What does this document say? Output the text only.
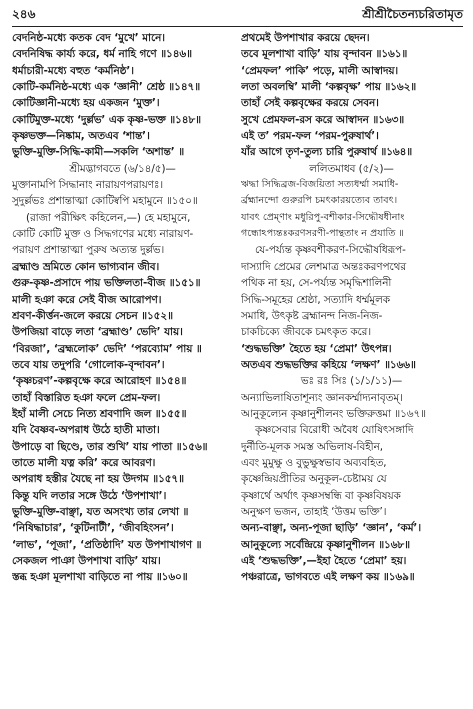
২৪৬	শ্রীশ্রীচৈতন্যচরিতামৃত
বেদনিষ্ঠ-মধ্যে কতক বেদ ‘মুখে’ মানে।
বেদনিষিদ্ধ কার্য্য করে, ধর্ম নাহি গণে ॥১৪৬॥
ধর্মাচারী-মধ্যে বহুত ‘কর্মনিষ্ঠ’।
কোটি-কর্মনিষ্ঠ-মধ্যে এক ‘জ্ঞানী’ শ্রেষ্ঠ ॥১৪৭॥
কোটিজ্ঞানী-মধ্যে হয় একজন ‘মুক্ত’।
কোটিমুক্ত-মধ্যে ‘দুর্ল্লভ’ এক কৃষ্ণ-ভক্ত ॥১৪৮॥
কৃষ্ণভক্ত—নিষ্কাম, অতএব ‘শান্ত’।
ভুক্তি-মুক্তি-সিদ্ধি-কামী—সকলি ‘অশান্ত’ ॥
শ্রীমদ্ভাগবতে (৬/১৪/৫)—
মুক্তানামপি সিদ্ধানাং নারায়ণপরায়ণঃ।
সুদুর্ল্লভঃ প্রশান্তাত্মা কোটিষ্বপি মহামুনে ॥১৫০॥
(রাজা পরীক্ষিৎ কহিলেন,—) হে মহামুনে,
কোটি কোটি মুক্ত ও সিদ্ধগণের মধ্যে নারায়ণ-
পরায়ণ প্রশান্তাত্মা পুরুষ অত্যন্ত দুর্ল্লভ।
ব্রহ্মাণ্ড ভ্রমিতে কোন ভাগ্যবান জীব।
গুরু-কৃষ্ণ-প্রসাদে পায় ভক্তিলতা-বীজ ॥১৫১॥
মালী হঞা করে সেই বীজ আরোপণ।
শ্রবণ-কীর্ত্তন-জলে করয়ে সেচন ॥১৫২॥
উপজিয়া বাড়ে লতা ‘ব্রহ্মাণ্ড’ ভেদি’ যায়।
‘বিরজা’, ‘ব্রহ্মলোক’ ভেদি’ ‘পরব্যোম’ পায় ॥
তবে যায় তদুপরি ‘গোলোক-বৃন্দাবন’।
‘কৃষ্ণচরণ’-কল্পবৃক্ষে করে আরোহণ ॥১৫৪॥
তাহাঁ বিস্তারিত হঞা ফলে প্রেম-ফল।
ইহাঁ মালী সেচে নিত্য শ্রবণাদি জল ॥১৫৫॥
যদি বৈষ্ণব-অপরাধ উঠে হাতী মাতা।
উপাড়ে বা ছিণ্ডে, তার শুখি’ যায় পাতা ॥১৫৬॥
তাতে মালী যত্ন করি’ করে আবরণ।
অপরাধ হস্তীর যৈছে না হয় উদগম ॥১৫৭॥
কিন্তু যদি লতার সঙ্গে উঠে ‘উপশাখা’।
ভুক্তি-মুক্তি-বাঞ্ছা, যত অসংখ্য তার লেখা ॥
‘নিষিদ্ধাচার’, ‘কুটিনাটী’, ‘জীবহিংসন’।
‘লাভ’, ‘পূজা’, ‘প্রতিষ্ঠাদি’ যত উপশাখাগণ ॥
সেকজল পাঞা উপশাখা বাড়ি’ যায়।
স্তব্ধ হঞা মূলশাখা বাড়িতে না পায় ॥১৬০॥
প্রথমেই উপশাখার করয়ে ছেদন।
তবে মূলশাখা বাড়ি’ যায় বৃন্দাবন ॥১৬১॥
‘প্রেমফল’ পাকি’ পড়ে, মালী আস্বাদয়।
লতা অবলম্বি’ মালী ‘কল্পবৃক্ষ’ পায় ॥১৬২॥
তাহাঁ সেই কল্পবৃক্ষের করয়ে সেবন।
সুখে প্রেমফল-রস করে আস্বাদন ॥১৬৩॥
এই ত’ পরম-ফল ‘পরম-পুরুষার্থ’।
যাঁর আগে তৃণ-তুল্য চারি পুরুষার্থ ॥১৬৪॥
ললিতমাধব (৫/২)—
ঋদ্ধা সিদ্ধিব্রজ-বিজয়িতা সত্যধর্ম্মা সমাধি-
র্ব্রহ্মানন্দো গুরুরপি চমৎকারয়ত্যেব তাবৎ।
যাবৎ প্রেম্ণাং মধুরিপু-বশীকার-সিদ্ধৌষধীনাং
গন্ধোঽপ্যন্তঃকরণসরণী-পান্থতাং ন প্রযাতি ॥
যে-পর্য্যন্ত কৃষ্ণবশীকরণ-সিদ্ধৌষধিরূপ-
দাস্যাদি প্রেমের লেশমাত্র অন্তঃকরণপথের
পথিক না হয়, সে-পর্য্যন্ত সমৃদ্ধিশালিনী
সিদ্ধি-সমূহের শ্রেষ্ঠা, সত্যাদি ধর্ম্মমূলক
সমাধি, উৎকৃষ্ট ব্রহ্মানন্দ নিজ-নিজ-
চাকচিক্যে জীবকে চমৎকৃত করে।
‘শুদ্ধভক্তি’ হৈতে হয় ‘প্রেমা’ উৎপন্ন।
অতএব শুদ্ধভক্তির কহিয়ে ‘লক্ষণ’ ॥১৬৬॥
ভঃ রঃ সিঃ (১/১/১১)—
অন্যাভিলাষিতাশূন্যং জ্ঞানকর্ম্মাদ্যনাবৃতম্।
আনুকূল্যেন কৃষ্ণানুশীলনং ভক্তিরুত্তমা ॥১৬৭॥
কৃষ্ণসেবার বিরোধী অবৈধ যোষিৎসঙ্গাদি
দুর্নীতি-মূলক সমস্ত অভিলাষ-বিহীন,
এবং মুমুক্ষু ও বুভুক্ষুস্বভাব অব্যবহিত,
কৃষ্ণেন্দ্রিয়প্রীতির অনুকূল-চেষ্টাময় যে
কৃষ্ণার্থে অর্থাৎ কৃষ্ণসম্বন্ধি বা কৃষ্ণবিষয়ক
অনুক্ষণ ভজন, তাহাই ‘উত্তম ভক্তি’।
অন্য-বাঞ্ছা, অন্য-পূজা ছাড়ি’ ‘জ্ঞান’, ‘কর্ম’।
আনুকূল্যে সর্বেন্দ্রিয়ে কৃষ্ণানুশীলন ॥১৬৮॥
এই ‘শুদ্ধভক্তি’,—ইহা হৈতে ‘প্রেমা’ হয়।
পঞ্চরাত্রে, ভাগবতে এই লক্ষণ কয় ॥১৬৯॥
